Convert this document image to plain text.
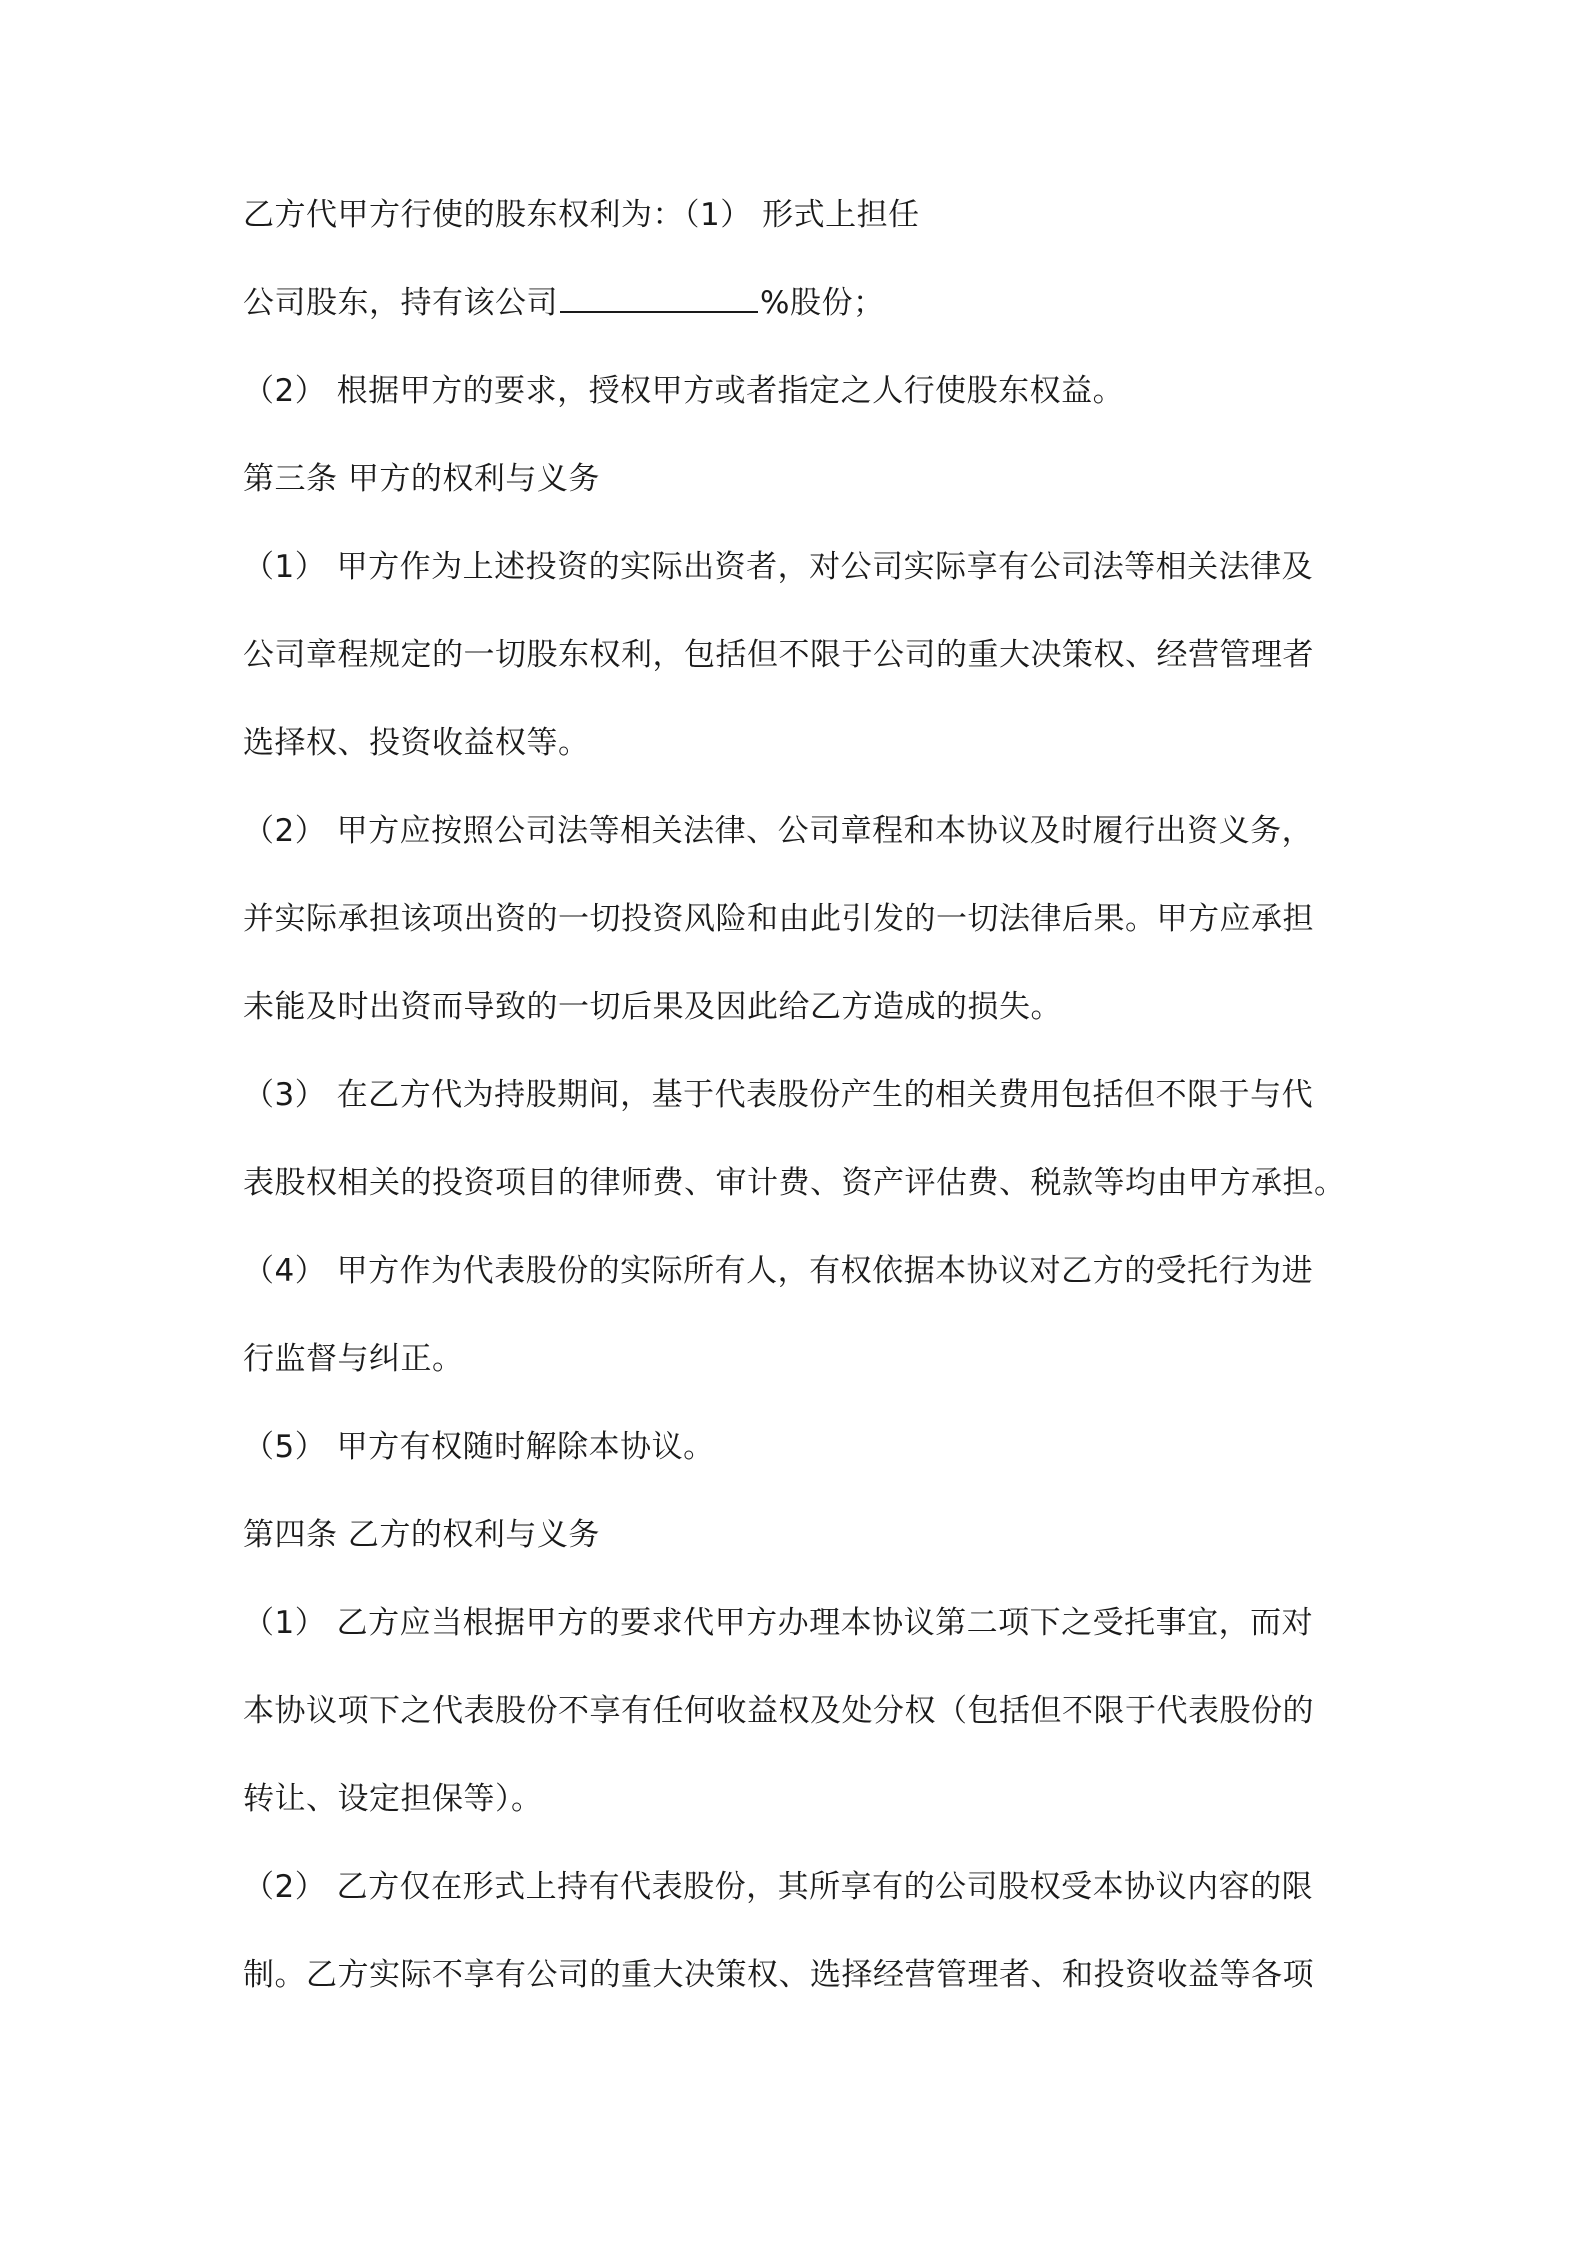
乙方代甲方行使的股东权利为：（1） 形式上担任

公司股东，持有该公司	%股份；

（2） 根据甲方的要求，授权甲方或者指定之人行使股东权益。

第三条 甲方的权利与义务

（1） 甲方作为上述投资的实际出资者，对公司实际享有公司法等相关法律及

公司章程规定的一切股东权利，包括但不限于公司的重大决策权、经营管理者

选择权、投资收益权等。

（2） 甲方应按照公司法等相关法律、公司章程和本协议及时履行出资义务，

并实际承担该项出资的一切投资风险和由此引发的一切法律后果。甲方应承担

未能及时出资而导致的一切后果及因此给乙方造成的损失。

（3） 在乙方代为持股期间，基于代表股份产生的相关费用包括但不限于与代

表股权相关的投资项目的律师费、审计费、资产评估费、税款等均由甲方承担。

（4） 甲方作为代表股份的实际所有人，有权依据本协议对乙方的受托行为进

行监督与纠正。

（5） 甲方有权随时解除本协议。

第四条 乙方的权利与义务

（1） 乙方应当根据甲方的要求代甲方办理本协议第二项下之受托事宜，而对

本协议项下之代表股份不享有任何收益权及处分权（包括但不限于代表股份的

转让、设定担保等）。

（2） 乙方仅在形式上持有代表股份，其所享有的公司股权受本协议内容的限

制。乙方实际不享有公司的重大决策权、选择经营管理者、和投资收益等各项
